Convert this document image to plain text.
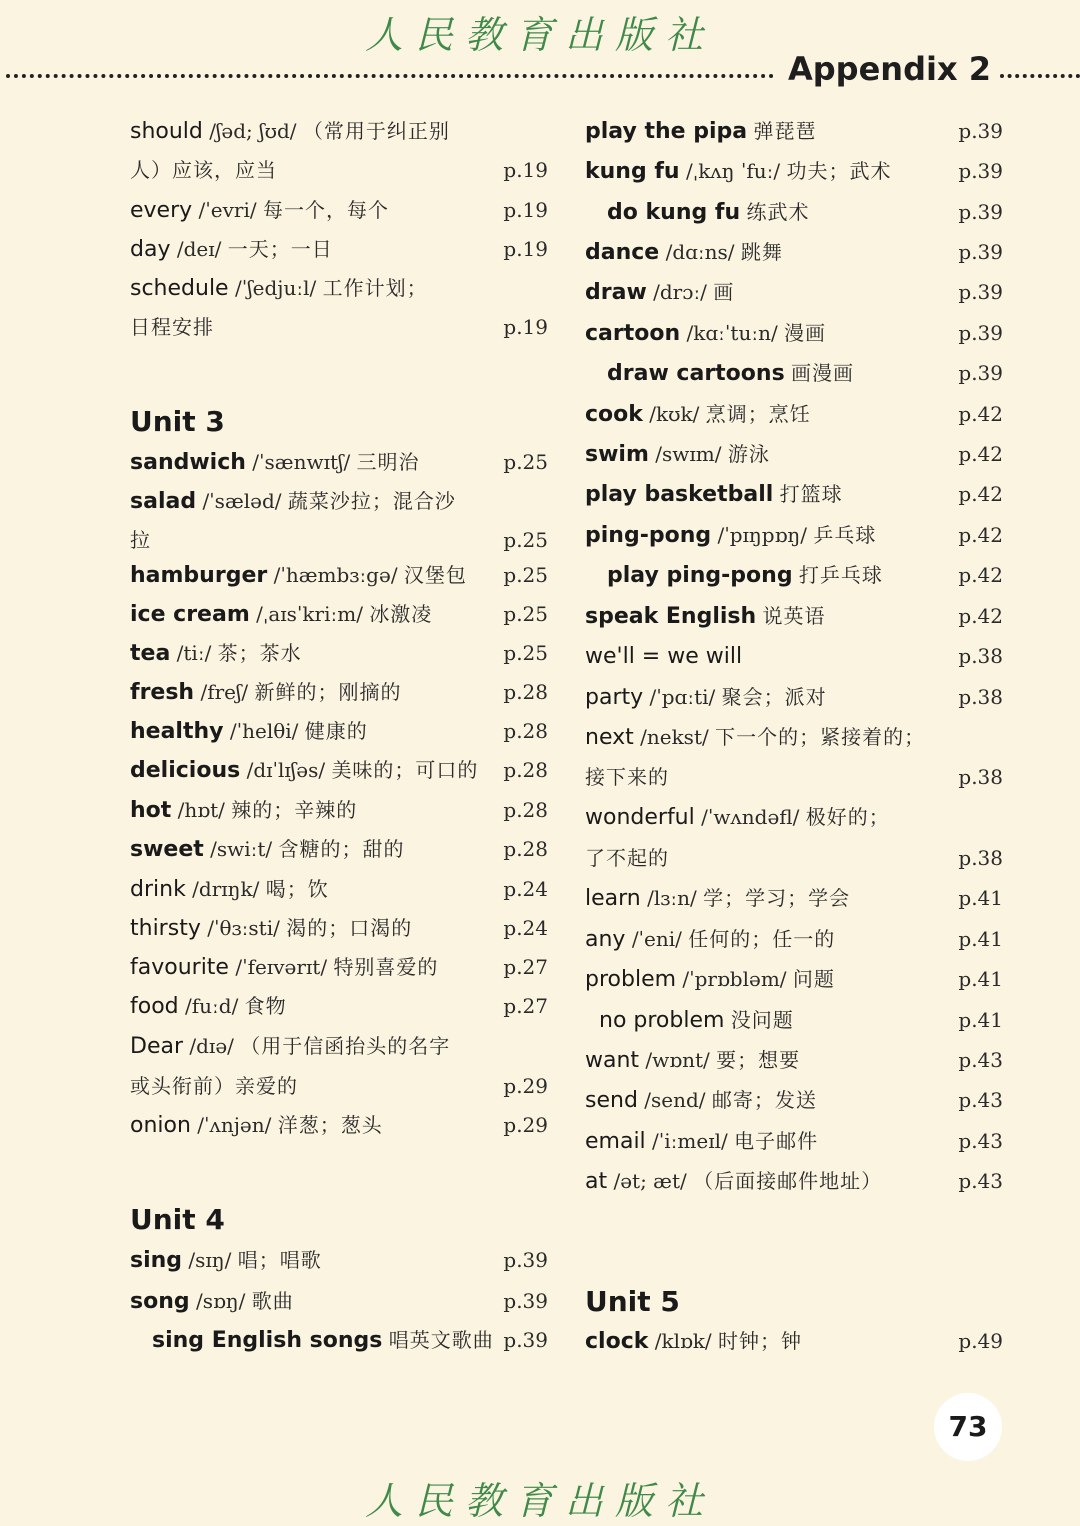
人民教育出版社
Appendix 2
should /ʃəd; ʃʊd/ （常用于纠正别
人）应该，应当	p.19
every /ˈevri/ 每一个，每个	p.19
day /deɪ/ 一天；一日	p.19
schedule /ˈʃedjuːl/ 工作计划；
日程安排	p.19
Unit 3
sandwich /ˈsænwɪtʃ/ 三明治	p.25
salad /ˈsæləd/ 蔬菜沙拉；混合沙
拉	p.25
hamburger /ˈhæmbɜːgə/ 汉堡包 p.25
ice cream /ˌaɪsˈkriːm/ 冰激凌	p.25
tea /tiː/ 茶；茶水	p.25
fresh /freʃ/ 新鲜的；刚摘的	p.28
healthy /ˈhelθi/ 健康的	p.28
delicious /dɪˈlɪʃəs/ 美味的；可口的 p.28
hot /hɒt/ 辣的；辛辣的	p.28
sweet /swiːt/ 含糖的；甜的	p.28
drink /drɪŋk/ 喝；饮	p.24
thirsty /ˈθɜːsti/ 渴的；口渴的	p.24
favourite /ˈfeɪvərɪt/ 特别喜爱的	p.27
food /fuːd/ 食物	p.27
Dear /dɪə/ （用于信函抬头的名字
或头衔前）亲爱的	p.29
onion /ˈʌnjən/ 洋葱；葱头	p.29
Unit 4
sing /sɪŋ/ 唱；唱歌	p.39
song /sɒŋ/ 歌曲	p.39
sing English songs 唱英文歌曲 p.39
play the pipa 弹琵琶	p.39
kung fu /ˌkʌŋ ˈfuː/ 功夫；武术	p.39
do kung fu 练武术	p.39
dance /dɑːns/ 跳舞	p.39
draw /drɔː/ 画	p.39
cartoon /kɑːˈtuːn/ 漫画	p.39
draw cartoons 画漫画	p.39
cook /kʊk/ 烹调；烹饪	p.42
swim /swɪm/ 游泳	p.42
play basketball 打篮球	p.42
ping-pong /ˈpɪŋpɒŋ/ 乒乓球	p.42
play ping-pong 打乒乓球	p.42
speak English 说英语	p.42
we'll = we will	p.38
party /ˈpɑːti/ 聚会；派对	p.38
next /nekst/ 下一个的；紧接着的；
接下来的	p.38
wonderful /ˈwʌndəfl/ 极好的；
了不起的	p.38
learn /lɜːn/ 学；学习；学会	p.41
any /ˈeni/ 任何的；任一的	p.41
problem /ˈprɒbləm/ 问题	p.41
no problem 没问题	p.41
want /wɒnt/ 要；想要	p.43
send /send/ 邮寄；发送	p.43
email /ˈiːmeɪl/ 电子邮件	p.43
at /ət; æt/ （后面接邮件地址）	p.43
Unit 5
clock /klɒk/ 时钟；钟	p.49
73
人民教育出版社
